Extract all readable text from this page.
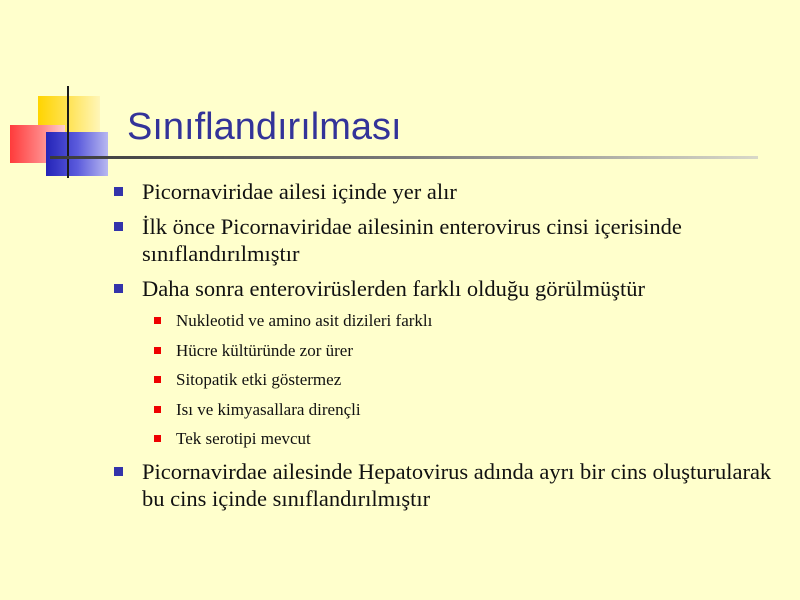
Sınıflandırılması
Picornaviridae ailesi içinde yer alır
İlk önce Picornaviridae ailesinin enterovirus cinsi içerisinde sınıflandırılmıştır
Daha sonra enterovirüslerden farklı olduğu görülmüştür
Nukleotid ve amino asit dizileri farklı
Hücre kültüründe zor ürer
Sitopatik etki göstermez
Isı ve kimyasallara dirençli
Tek serotipi mevcut
Picornavirdae ailesinde Hepatovirus adında ayrı bir cins oluşturularak bu cins içinde sınıflandırılmıştır
